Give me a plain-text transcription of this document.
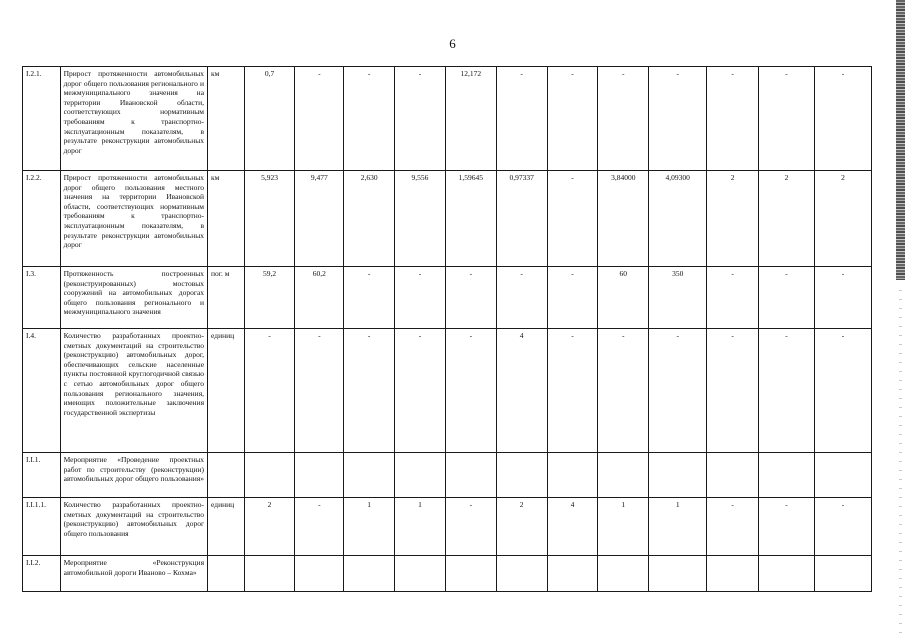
6
I.2.1.	Прирост протяженности автомобильных дорог общего пользования регионального и межмуниципального значения на территории Ивановской области, соответствующих нормативным требованиям к транспортно-эксплуатационным показателям, в результате реконструкции автомобильных дорог	км	0,7	-	-	-	12,172	-	-	-	-	-	-	-
I.2.2.	Прирост протяженности автомобильных дорог общего пользования местного значения на территории Ивановской области, соответствующих нормативным требованиям к транспортно-эксплуатационным показателям, в результате реконструкции автомобильных дорог	км	5,923	9,477	2,630	9,556	1,59645	0,97337	-	3,84000	4,09300	2	2	2
I.3.	Протяженность построенных (реконструированных) мостовых сооружений на автомобильных дорогах общего пользования регионального и межмуниципального значения	пог. м	59,2	60,2	-	-	-	-	-	60	350	-	-	-
I.4.	Количество разработанных проектно-сметных документаций на строительство (реконструкцию) автомобильных дорог, обеспечивающих сельские населенные пункты постоянной круглогодичной связью с сетью автомобильных дорог общего пользования регионального значения, имеющих положительные заключения государственной экспертизы	единиц	-	-	-	-	-	4	-	-	-	-	-	-
I.I.1.	Мероприятие «Проведение проектных работ по строительству (реконструкции) автомобильных дорог общего пользования»													
I.I.1.1.	Количество разработанных проектно-сметных документаций на строительство (реконструкцию) автомобильных дорог общего пользования	единиц	2	-	1	1	-	2	4	1	1	-	-	-
I.I.2.	Мероприятие «Реконструкция автомобильной дороги Иваново – Кохма»													
